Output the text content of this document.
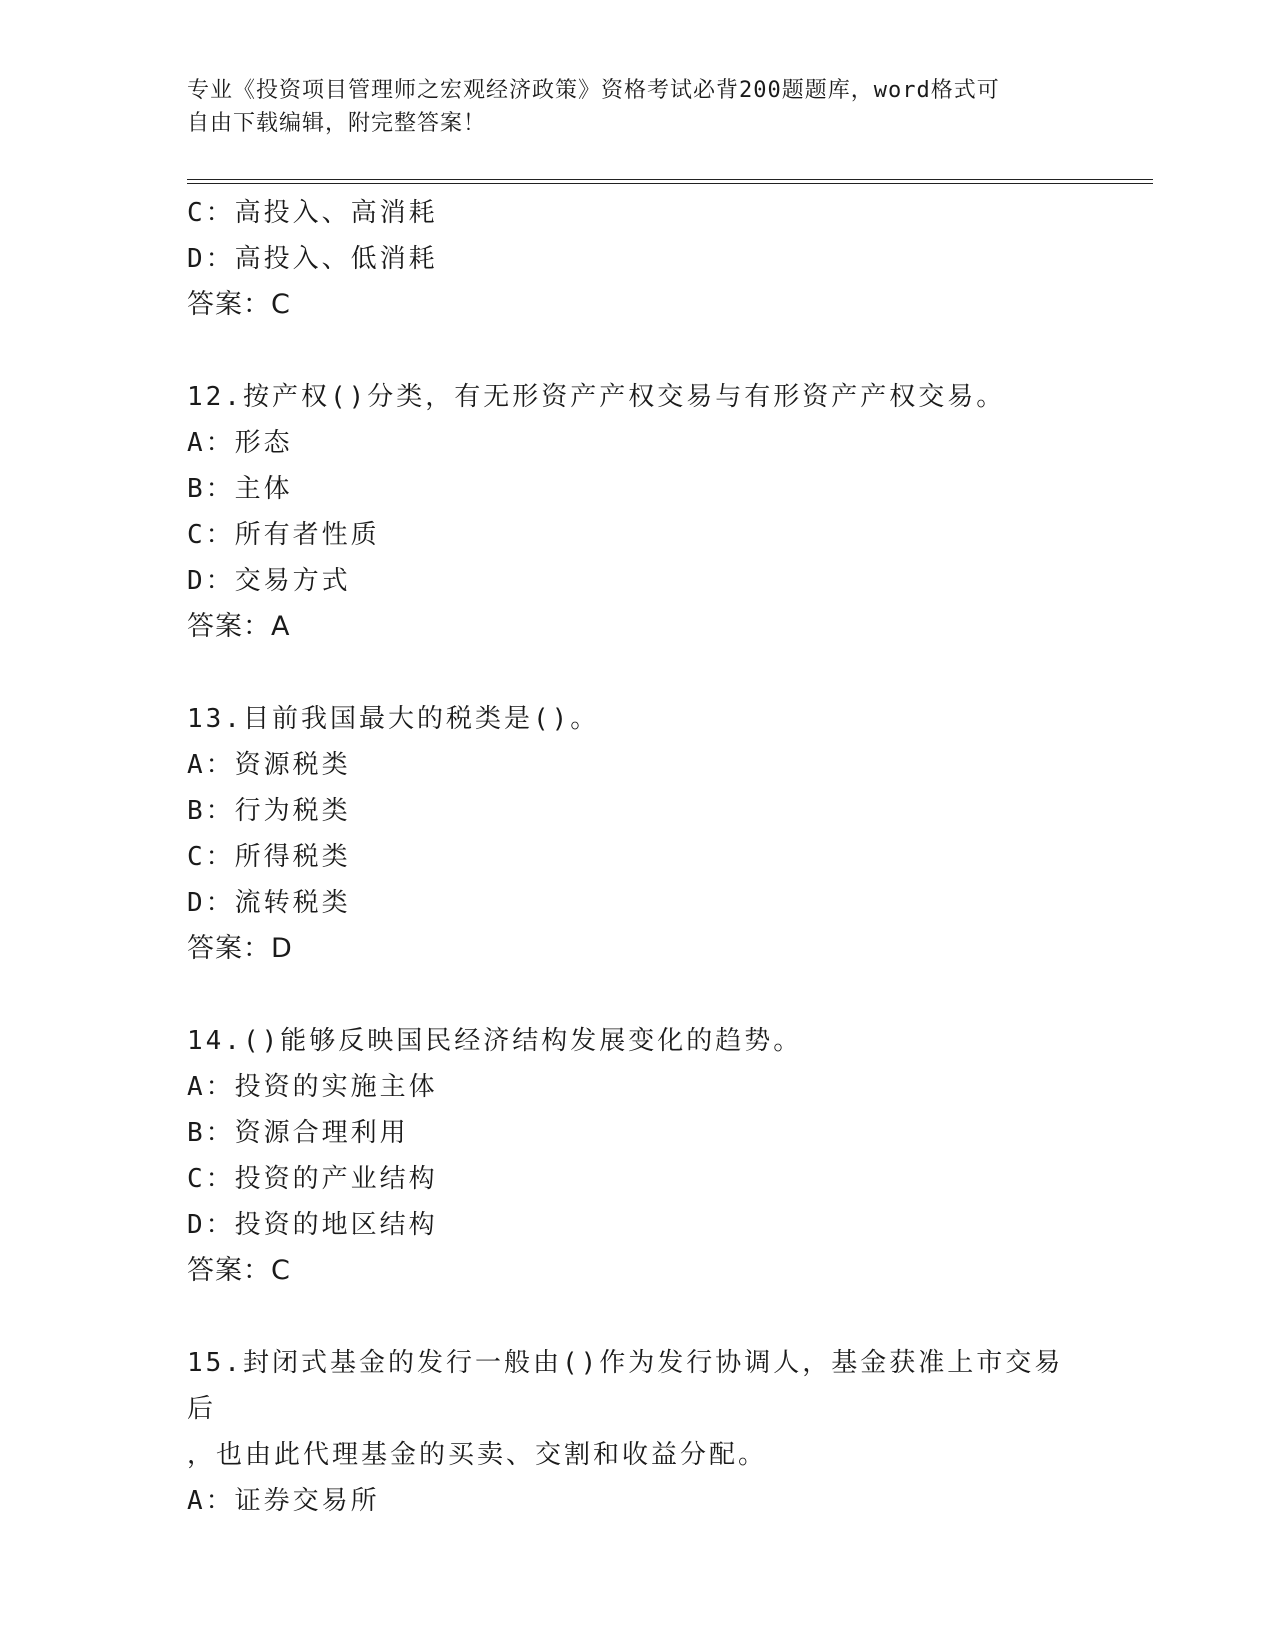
专业《投资项目管理师之宏观经济政策》资格考试必背200题题库，word格式可
自由下载编辑，附完整答案！
C：高投入、高消耗
D：高投入、低消耗
答案：C
12.按产权()分类，有无形资产产权交易与有形资产产权交易。
A：形态
B：主体
C：所有者性质
D：交易方式
答案：A
13.目前我国最大的税类是()。
A：资源税类
B：行为税类
C：所得税类
D：流转税类
答案：D
14.()能够反映国民经济结构发展变化的趋势。
A：投资的实施主体
B：资源合理利用
C：投资的产业结构
D：投资的地区结构
答案：C
15.封闭式基金的发行一般由()作为发行协调人，基金获准上市交易后
，也由此代理基金的买卖、交割和收益分配。
A：证券交易所
